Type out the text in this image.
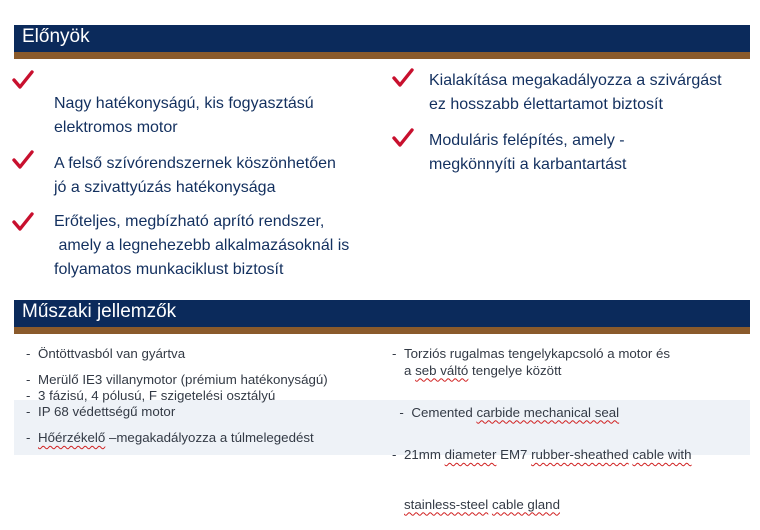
Előnyök
Nagy hatékonyságú, kis fogyasztású
elektromos motor
A felső szívórendszernek köszönhetően
jó a szivattyúzás hatékonysága
Erőteljes, megbízható aprító rendszer,
amely a legnehezebb alkalmazásoknál is
folyamatos munkaciklust biztosít
Kialakítása megakadályozza a szivárgást
ez hosszabb élettartamot biztosít
Moduláris felépítés, amely -
megkönnyíti a karbantartást
Műszaki jellemzők
- Öntöttvasból van gyártva
- Merülő IE3 villanymotor (prémium hatékonyságú)
- 3 fázisú, 4 pólusú, F szigetelési osztályú
- IP 68 védettségű motor
- Hőérzékelő –megakadályozza a túlmelegedést
- Torziós rugalmas tengelykapcsoló a motor és
a seb váltó tengelye között

- Cemented carbide mechanical seal

- 21mm diameter EM7 rubber-sheathed cable with

stainless-steel cable gland
